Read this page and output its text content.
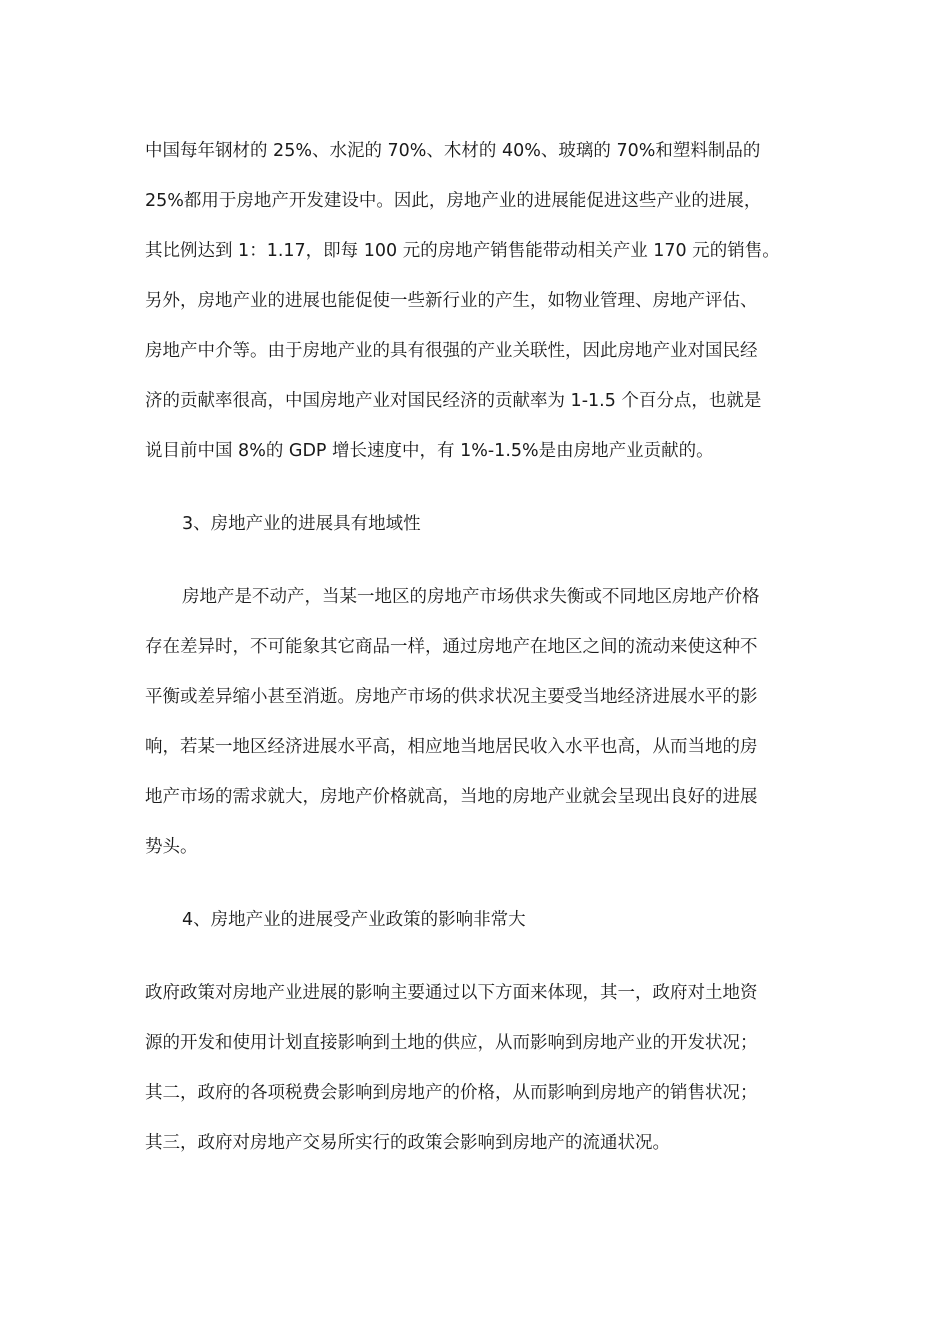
中国每年钢材的 25%、水泥的 70%、木材的 40%、玻璃的 70%和塑料制品的
25%都用于房地产开发建设中。因此，房地产业的进展能促进这些产业的进展，
其比例达到 1：1.17，即每 100 元的房地产销售能带动相关产业 170 元的销售。
另外，房地产业的进展也能促使一些新行业的产生，如物业管理、房地产评估、
房地产中介等。由于房地产业的具有很强的产业关联性，因此房地产业对国民经
济的贡献率很高，中国房地产业对国民经济的贡献率为 1-1.5 个百分点，也就是
说目前中国 8%的 GDP 增长速度中，有 1%-1.5%是由房地产业贡献的。
3、房地产业的进展具有地域性
房地产是不动产，当某一地区的房地产市场供求失衡或不同地区房地产价格
存在差异时，不可能象其它商品一样，通过房地产在地区之间的流动来使这种不
平衡或差异缩小甚至消逝。房地产市场的供求状况主要受当地经济进展水平的影
响，若某一地区经济进展水平高，相应地当地居民收入水平也高，从而当地的房
地产市场的需求就大，房地产价格就高，当地的房地产业就会呈现出良好的进展
势头。
4、房地产业的进展受产业政策的影响非常大
政府政策对房地产业进展的影响主要通过以下方面来体现，其一，政府对土地资
源的开发和使用计划直接影响到土地的供应，从而影响到房地产业的开发状况；
其二，政府的各项税费会影响到房地产的价格，从而影响到房地产的销售状况；
其三，政府对房地产交易所实行的政策会影响到房地产的流通状况。
